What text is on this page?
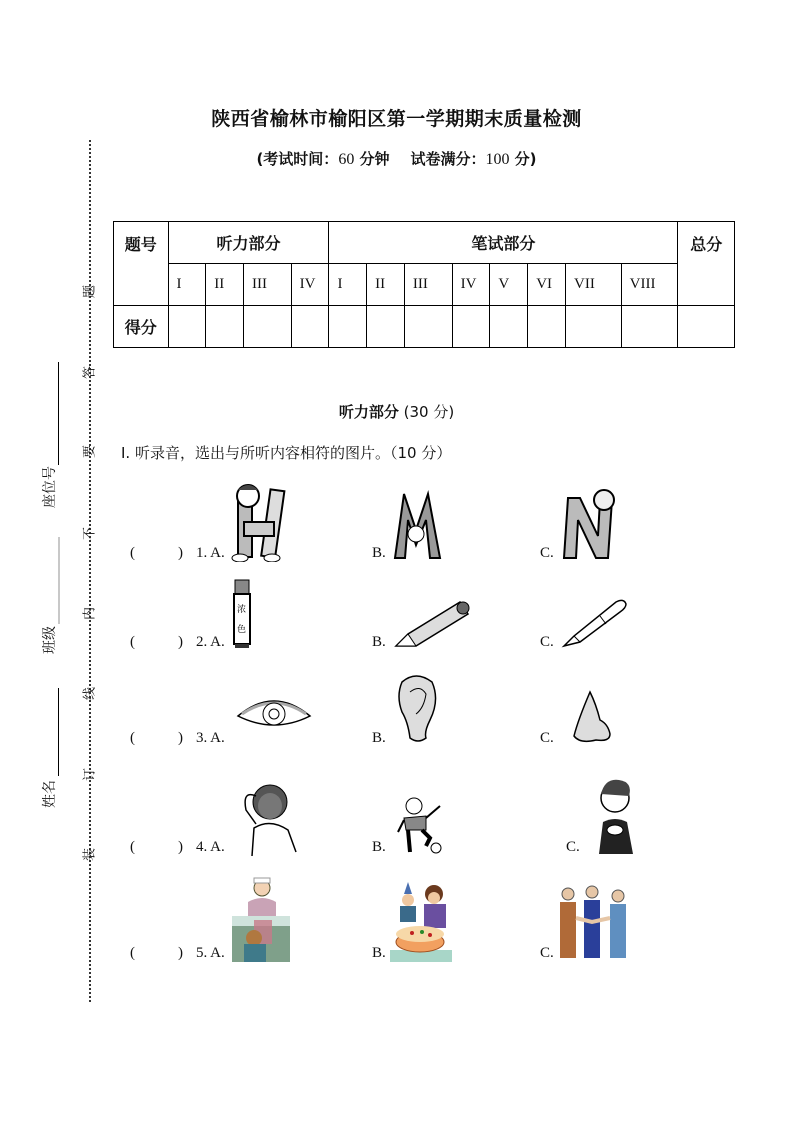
陕西省榆林市榆阳区第一学期期末质量检测
(考试时间：60 分钟 试卷满分：100 分)
题
答
要
不
内
线
订
装
座位号
班级
姓名
题号	听力部分				笔试部分								总分
	I	II	III	IV	I	II	III	IV	V	VI	VII	VIII	
得分													
听力部分 (30 分)
I. 听录音，选出与所听内容相符的图片。（10 分）
(	) 1. A.	B.	C.
(	) 2. A.	B.	C.
浓
色
(	) 3. A.	B.	C.
(	) 4. A.	B.	C.
(	) 5. A.	B.	C.
